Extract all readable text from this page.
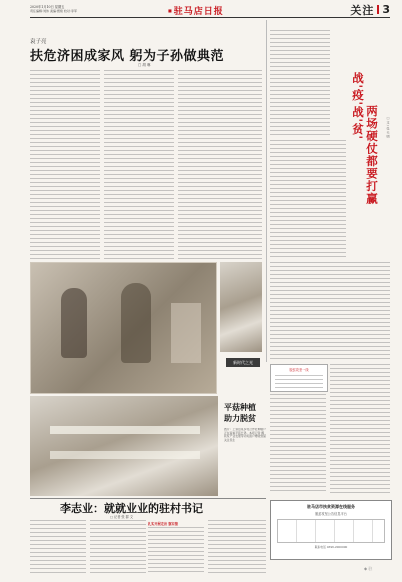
2020年1月10日 星期五
责任编辑:刘伟 美编:殷艳 校对:李军	■ 驻马店日报	关注 3
袁子亮
扶危济困成家风 躬为子孙做典范
□ 胡 琳
战'疫'战'贫' 两场硬仗都要打赢	□ 文 / 张 天 明
新时代之光
平菇种植
助力脱贫
图片：上蔡县某乡村合作社种植户正在查看平菇长势。本报记者 摄 扶贫产业发展带动贫困户增收致富 关注民生
李志业：就就业业的驻村书记
□ 记者 张 群 文
扎实开展走访 察实情
脱贫攻坚一线
驻马店市扶贫资源在线服务
脱贫攻坚公告信息平台
联系电话 0396-2000000
◆ 驻
